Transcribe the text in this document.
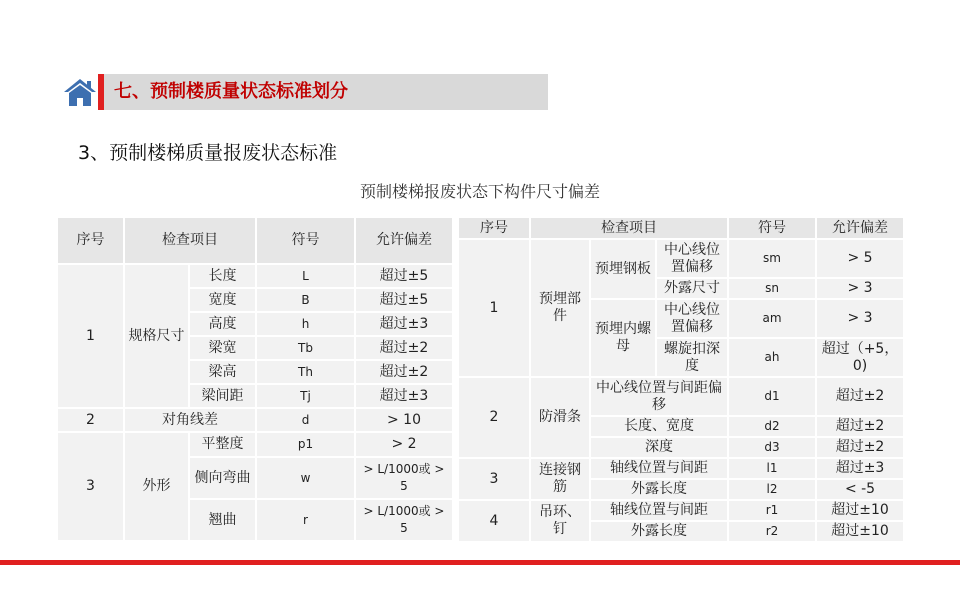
七、预制楼质量状态标准划分
3、预制楼梯质量报废状态标准
预制楼梯报废状态下构件尺寸偏差
序号	检查项目		符号	允许偏差
1	规格尺寸	长度	L	超过±5
		宽度	B	超过±5
		高度	h	超过±3
		梁宽	Tb	超过±2
		梁高	Th	超过±2
		梁间距	Tj	超过±3
2	对角线差		d	> 10
3	外形	平整度	p1	> 2
		侧向弯曲	w	> L/1000或 > 5
		翘曲	r	> L/1000或 > 5
序号	检查项目			符号	允许偏差
1	预埋部件	预埋钢板	中心线位置偏移	sm	> 5
			外露尺寸	sn	> 3
		预埋内螺母	中心线位置偏移	am	> 3
			螺旋扣深度	ah	超过（+5，0)
2	防滑条	中心线位置与间距偏移		d1	超过±2
		长度、宽度		d2	超过±2
		深度		d3	超过±2
3	连接钢筋	轴线位置与间距		l1	超过±3
		外露长度		l2	< -5
4	吊环、钉	轴线位置与间距		r1	超过±10
		外露长度		r2	超过±10
